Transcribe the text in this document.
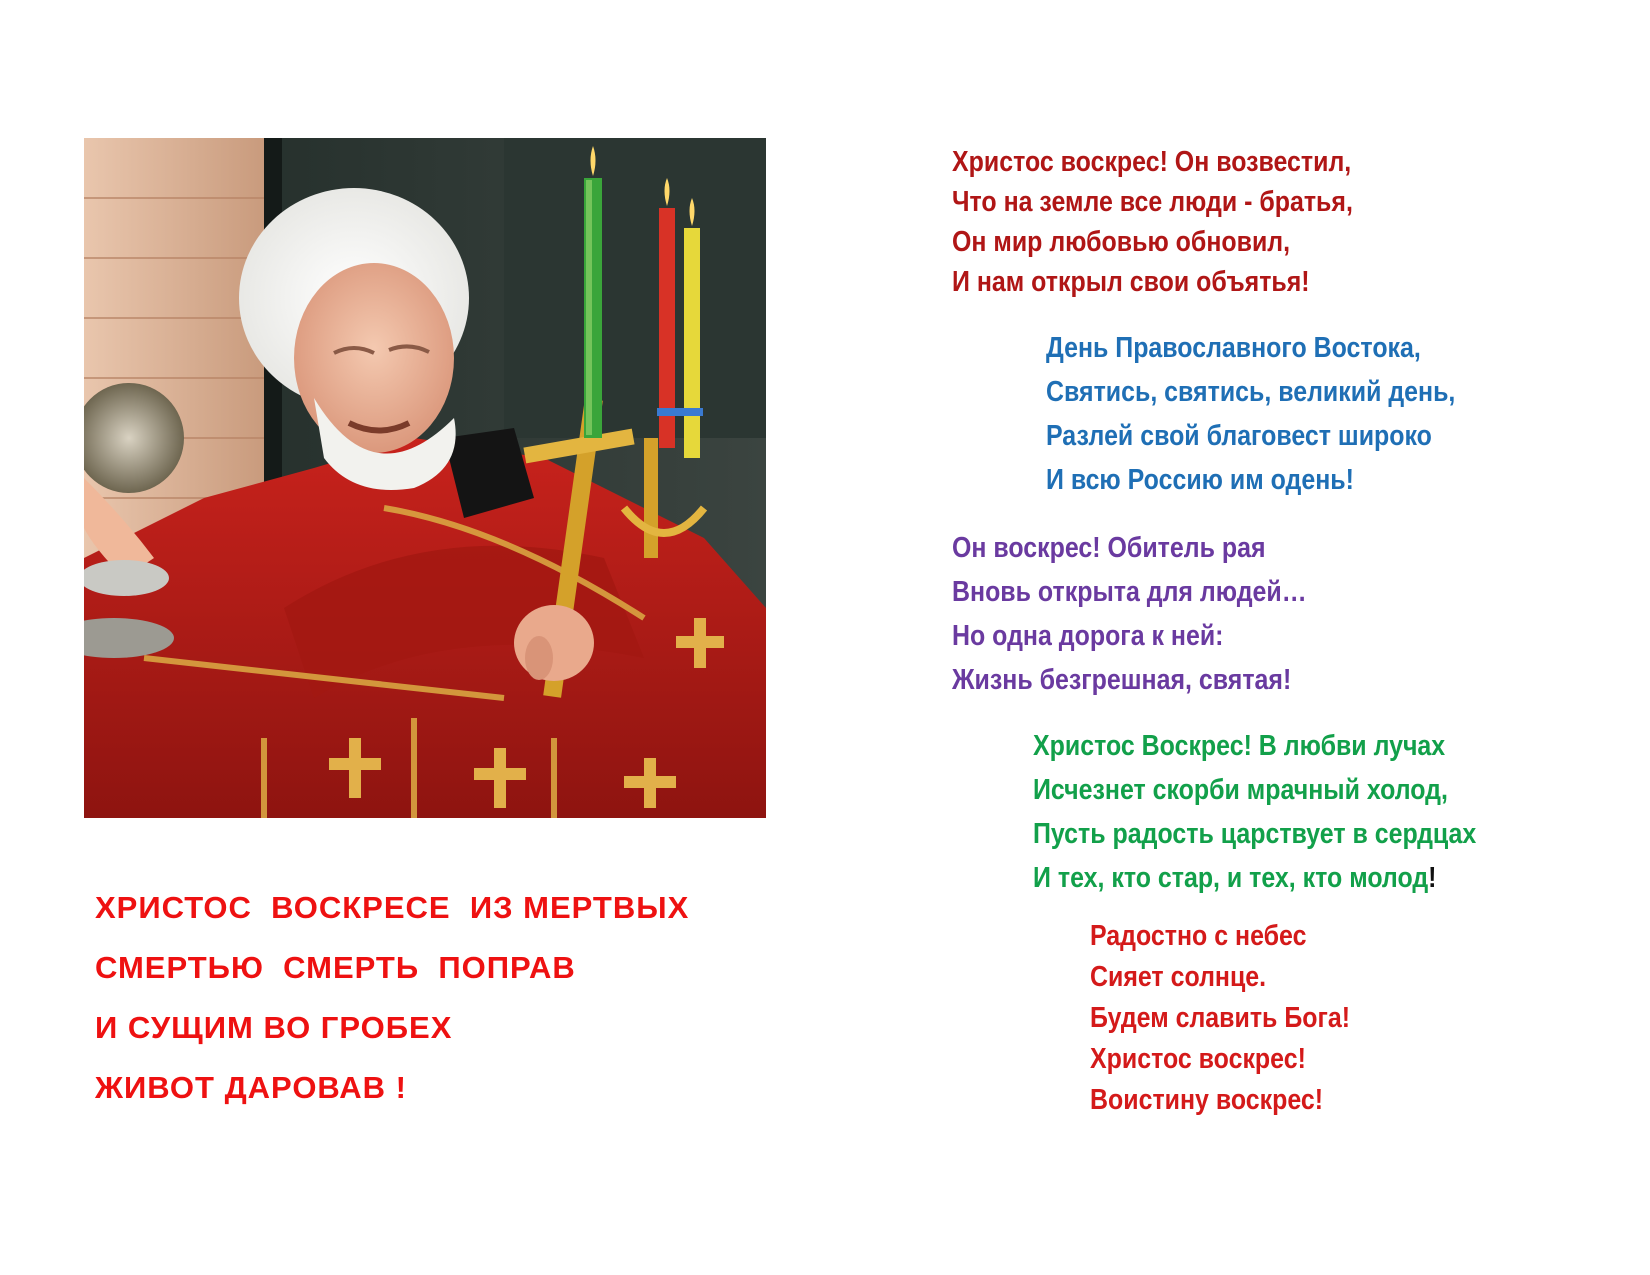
ХРИСТОС  ВОСКРЕСЕ  ИЗ МЕРТВЫХ
СМЕРТЬЮ  СМЕРТЬ  ПОПРАВ
И СУЩИМ ВО ГРОБЕХ
ЖИВОТ ДАРОВАВ !
Христос воскрес! Он возвестил,
Что на земле все люди - братья,
Он мир любовью обновил,
И нам открыл свои объятья!
День Православного Востока,
Святись, святись, великий день,
Разлей свой благовест широко
И всю Россию им одень!
Он воскрес! Обитель рая
Вновь открыта для людей…
Но одна дорога к ней:
Жизнь безгрешная, святая!
Христос Воскрес! В любви лучах
Исчезнет скорби мрачный холод,
Пусть радость царствует в сердцах
И тех, кто стар, и тех, кто молод!
Радостно с небес
Сияет солнце.
Будем славить Бога!
Христос воскрес!
Воистину воскрес!
